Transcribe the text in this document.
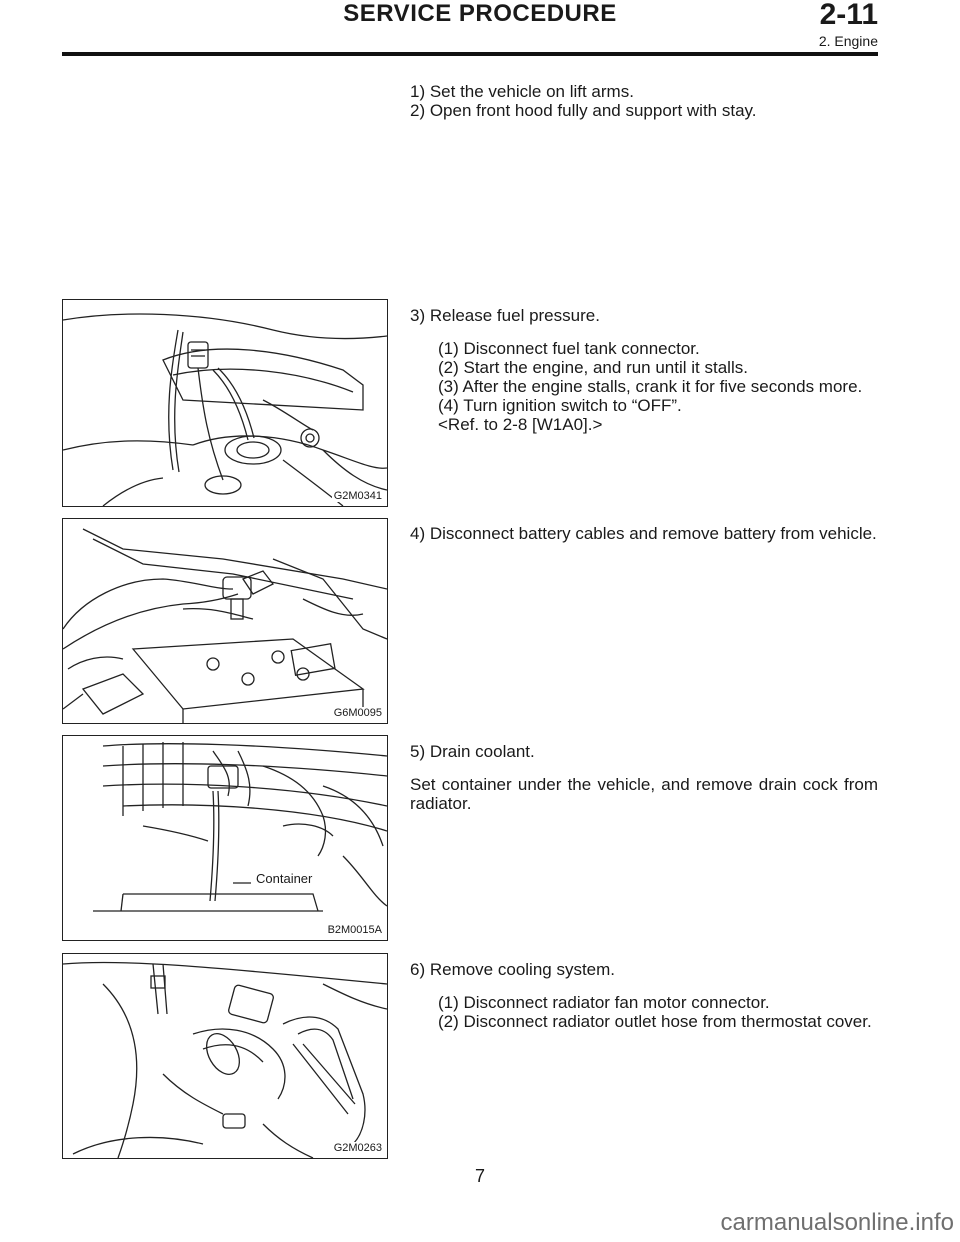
SERVICE PROCEDURE	2-11
2. Engine
1) Set the vehicle on lift arms.
2) Open front hood fully and support with stay.
G2M0341
3) Release fuel pressure.
(1) Disconnect fuel tank connector.
(2) Start the engine, and run until it stalls.
(3) After the engine stalls, crank it for five seconds more.
(4) Turn ignition switch to “OFF”.
<Ref. to 2-8 [W1A0].>
G6M0095
4) Disconnect battery cables and remove battery from vehicle.
Container
B2M0015A
5) Drain coolant.
Set container under the vehicle, and remove drain cock from radiator.
G2M0263
6) Remove cooling system.
(1) Disconnect radiator fan motor connector.
(2) Disconnect radiator outlet hose from thermostat cover.
7
carmanualsonline.info
